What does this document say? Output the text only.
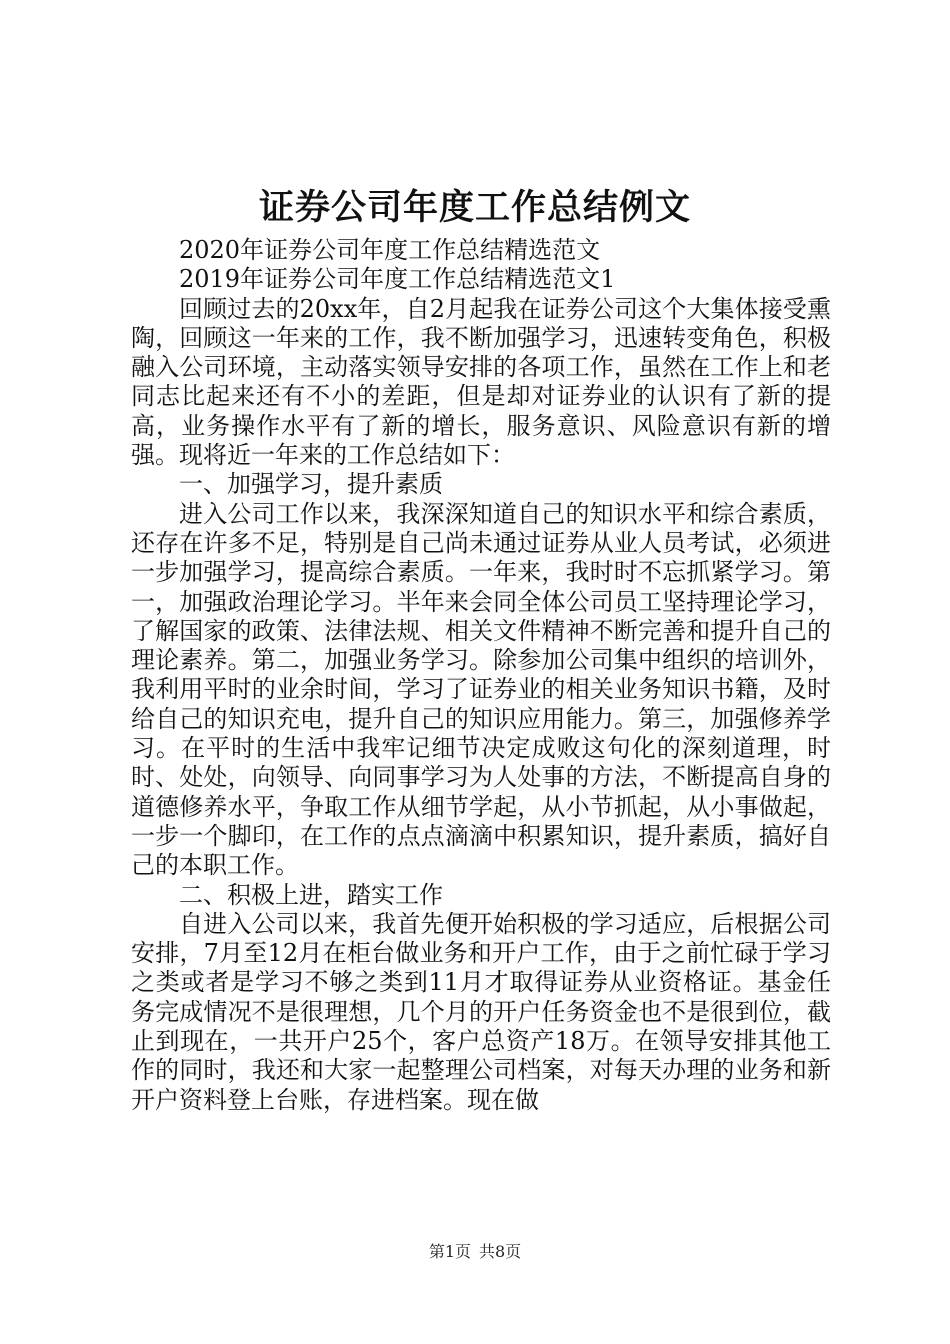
证券公司年度工作总结例文

2020年证券公司年度工作总结精选范文

2019年证券公司年度工作总结精选范文1

回顾过去的20xx年，自2月起我在证券公司这个大集体接受熏陶，回顾这一年来的工作，我不断加强学习，迅速转变角色，积极融入公司环境，主动落实领导安排的各项工作，虽然在工作上和老同志比起来还有不小的差距，但是却对证券业的认识有了新的提高，业务操作水平有了新的增长，服务意识、风险意识有新的增强。现将近一年来的工作总结如下：

一、加强学习，提升素质

进入公司工作以来，我深深知道自己的知识水平和综合素质，还存在许多不足，特别是自己尚未通过证券从业人员考试，必须进一步加强学习，提高综合素质。一年来，我时时不忘抓紧学习。第一，加强政治理论学习。半年来会同全体公司员工坚持理论学习，了解国家的政策、法律法规、相关文件精神不断完善和提升自己的理论素养。第二，加强业务学习。除参加公司集中组织的培训外，我利用平时的业余时间，学习了证券业的相关业务知识书籍，及时给自己的知识充电，提升自己的知识应用能力。第三，加强修养学习。在平时的生活中我牢记细节决定成败这句化的深刻道理，时时、处处，向领导、向同事学习为人处事的方法，不断提高自身的道德修养水平，争取工作从细节学起，从小节抓起，从小事做起，一步一个脚印，在工作的点点滴滴中积累知识，提升素质，搞好自己的本职工作。

二、积极上进，踏实工作

自进入公司以来，我首先便开始积极的学习适应，后根据公司安排，7月至12月在柜台做业务和开户工作，由于之前忙碌于学习之类或者是学习不够之类到11月才取得证券从业资格证。基金任务完成情况不是很理想，几个月的开户任务资金也不是很到位，截止到现在，一共开户25个，客户总资产18万。在领导安排其他工作的同时，我还和大家一起整理公司档案，对每天办理的业务和新开户资料登上台账，存进档案。现在做

第1页 共8页
